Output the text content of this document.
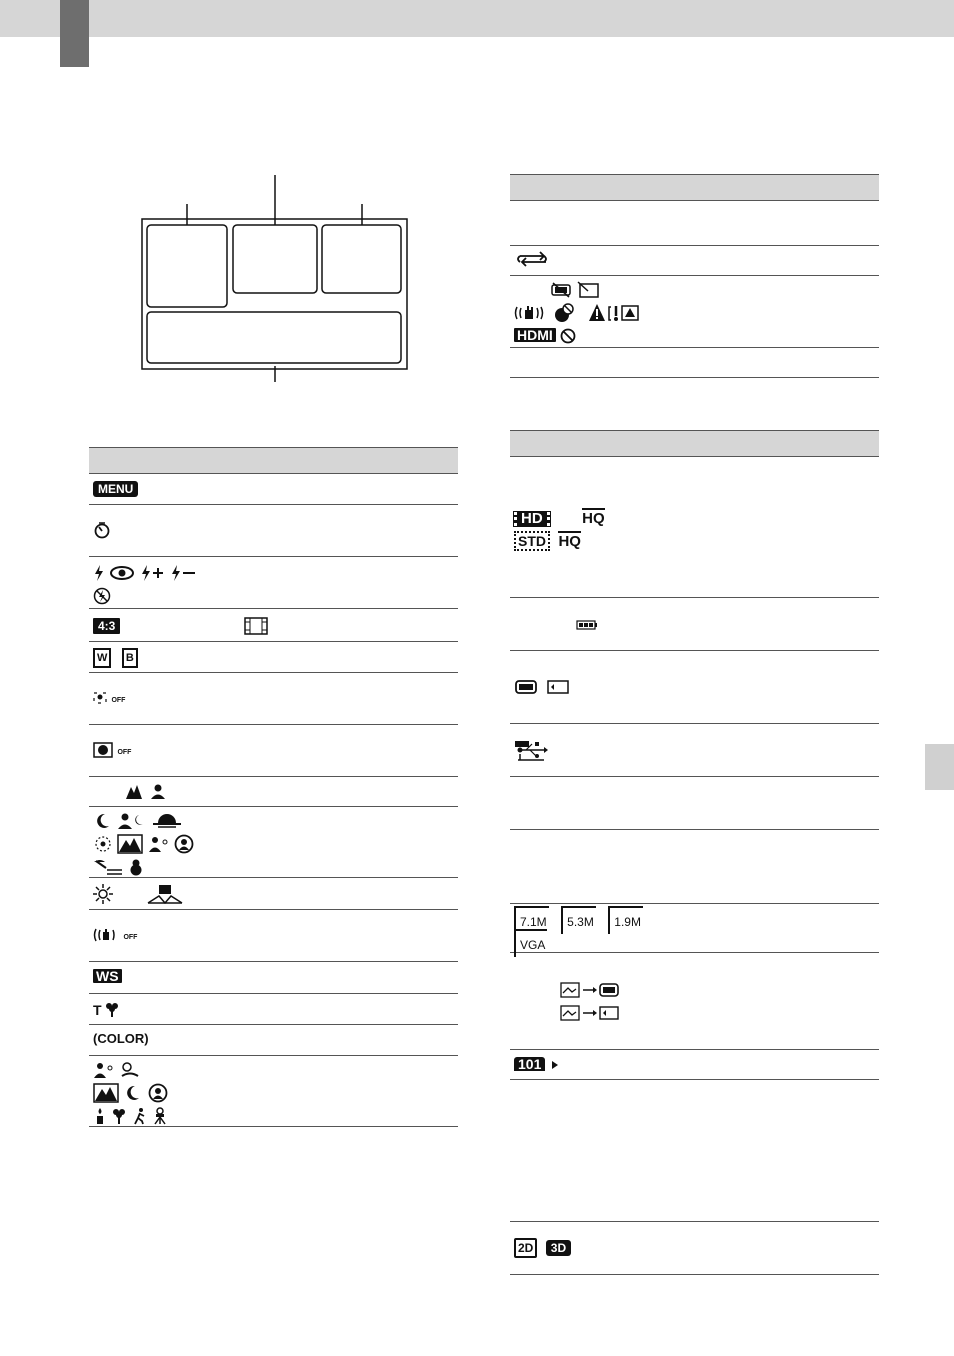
MENU

4:3
W B
OFF
OFF

OFF
WS
T
(COLOR)

HDMI
HD	HQ
STD HQ

7.1M 5.3M 1.9M
VGA
101
2D 3D
